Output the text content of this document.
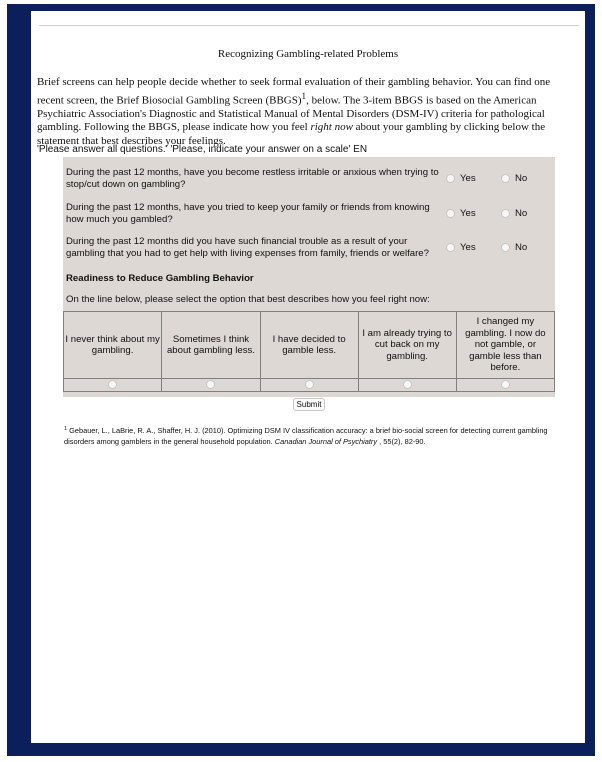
Recognizing Gambling-related Problems
Brief screens can help people decide whether to seek formal evaluation of their gambling behavior. You can find one recent screen, the Brief Biosocial Gambling Screen (BBGS)$^1$, below. The 3-item BBGS is based on the American Psychiatric Association's Diagnostic and Statistical Manual of Mental Disorders (DSM-IV) criteria for pathological gambling. Following the BBGS, please indicate how you feel right now about your gambling by clicking below the statement that best describes your feelings.
'Please answer all questions.' 'Please, indicate your answer on a scale' EN
During the past 12 months, have you become restless irritable or anxious when trying to stop/cut down on gambling?
Yes	No
During the past 12 months, have you tried to keep your family or friends from knowing how much you gambled?
Yes	No
During the past 12 months did you have such financial trouble as a result of your gambling that you had to get help with living expenses from family, friends or welfare?
Yes	No
Readiness to Reduce Gambling Behavior
On the line below, please select the option that best describes how you feel right now:
I never think about my gambling.	Sometimes I think about gambling less.	I have decided to gamble less.	I am already trying to cut back on my gambling.	I changed my gambling. I now do not gamble, or gamble less than before.

Submit
$^1$ Gebauer, L., LaBrie, R. A., Shaffer, H. J. (2010). Optimizing DSM IV classification accuracy: a brief bio-social screen for detecting current gambling disorders among gamblers in the general household population. Canadian Journal of Psychiatry , 55(2), 82-90.
